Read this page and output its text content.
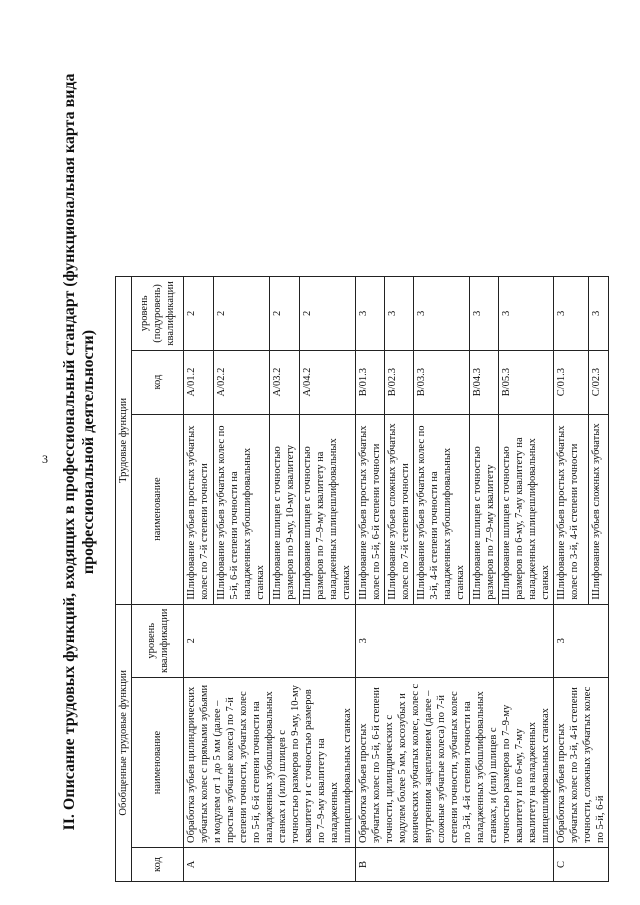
3 II. Описание трудовых функций, входящих в профессиональный стандарт (функциональная карта вида профессиональной деятельности)
Обобщенные трудовые функции			Трудовые функции		
код	наименование	уровень квалификации	наименование	код	уровень (подуровень) квалификации
A	Обработка зубьев цилиндрических зубчатых колес с прямыми зубьями и модулем от 1 до 5 мм (далее – простые зубчатые колеса) по 7-й степени точности, зубчатых колес по 5-й, 6-й степени точности на наладженных зубошлифовальных станках и (или) шлицев с точностью размеров по 9-му, 10-му квалитету и с точностью размеров по 7–9-му квалитету на наладженных шлицешлифовальных станках	2	Шлифование зубьев простых зубчатых колес по 7-й степени точности	A/01.2	2
			Шлифование зубьев зубчатых колес по 5-й, 6-й степени точности на наладженных зубошлифовальных станках	A/02.2	2
			Шлифование шлицев с точностью размеров по 9-му, 10-му квалитету	A/03.2	2
			Шлифование шлицев с точностью размеров по 7–9-му квалитету на наладженных шлицешлифовальных станках	A/04.2	2
B	Обработка зубьев простых зубчатых колес по 5-й, 6-й степени точности, цилиндрических с модулем более 5 мм, косозубых и конических зубчатых колес, колес с внутренним зацеплением (далее – сложные зубчатые колеса) по 7-й степени точности, зубчатых колес по 3-й, 4-й степени точности на наладженных зубошлифовальных станках, и (или) шлицев с точностью размеров по 7–9-му квалитету и по 6-му, 7-му квалитету на наладженных шлицешлифовальных станках	3	Шлифование зубьев простых зубчатых колес по 5-й, 6-й степени точности	B/01.3	3
			Шлифование зубьев сложных зубчатых колес по 7-й степени точности	B/02.3	3
			Шлифование зубьев зубчатых колес по 3-й, 4-й степени точности на наладженных зубошлифовальных станках	B/03.3	3
			Шлифование шлицев с точностью размеров по 7–9-му квалитету	B/04.3	3
			Шлифование шлицев с точностью размеров по 6-му, 7-му квалитету на наладженных шлицешлифовальных станках	B/05.3	3
C	Обработка зубьев простых зубчатых колес по 3-й, 4-й степени точности, сложных зубчатых колес по 5-й, 6-й	3	Шлифование зубьев простых зубчатых колес по 3-й, 4-й степени точности	C/01.3	3
			Шлифование зубьев сложных зубчатых	C/02.3	3
